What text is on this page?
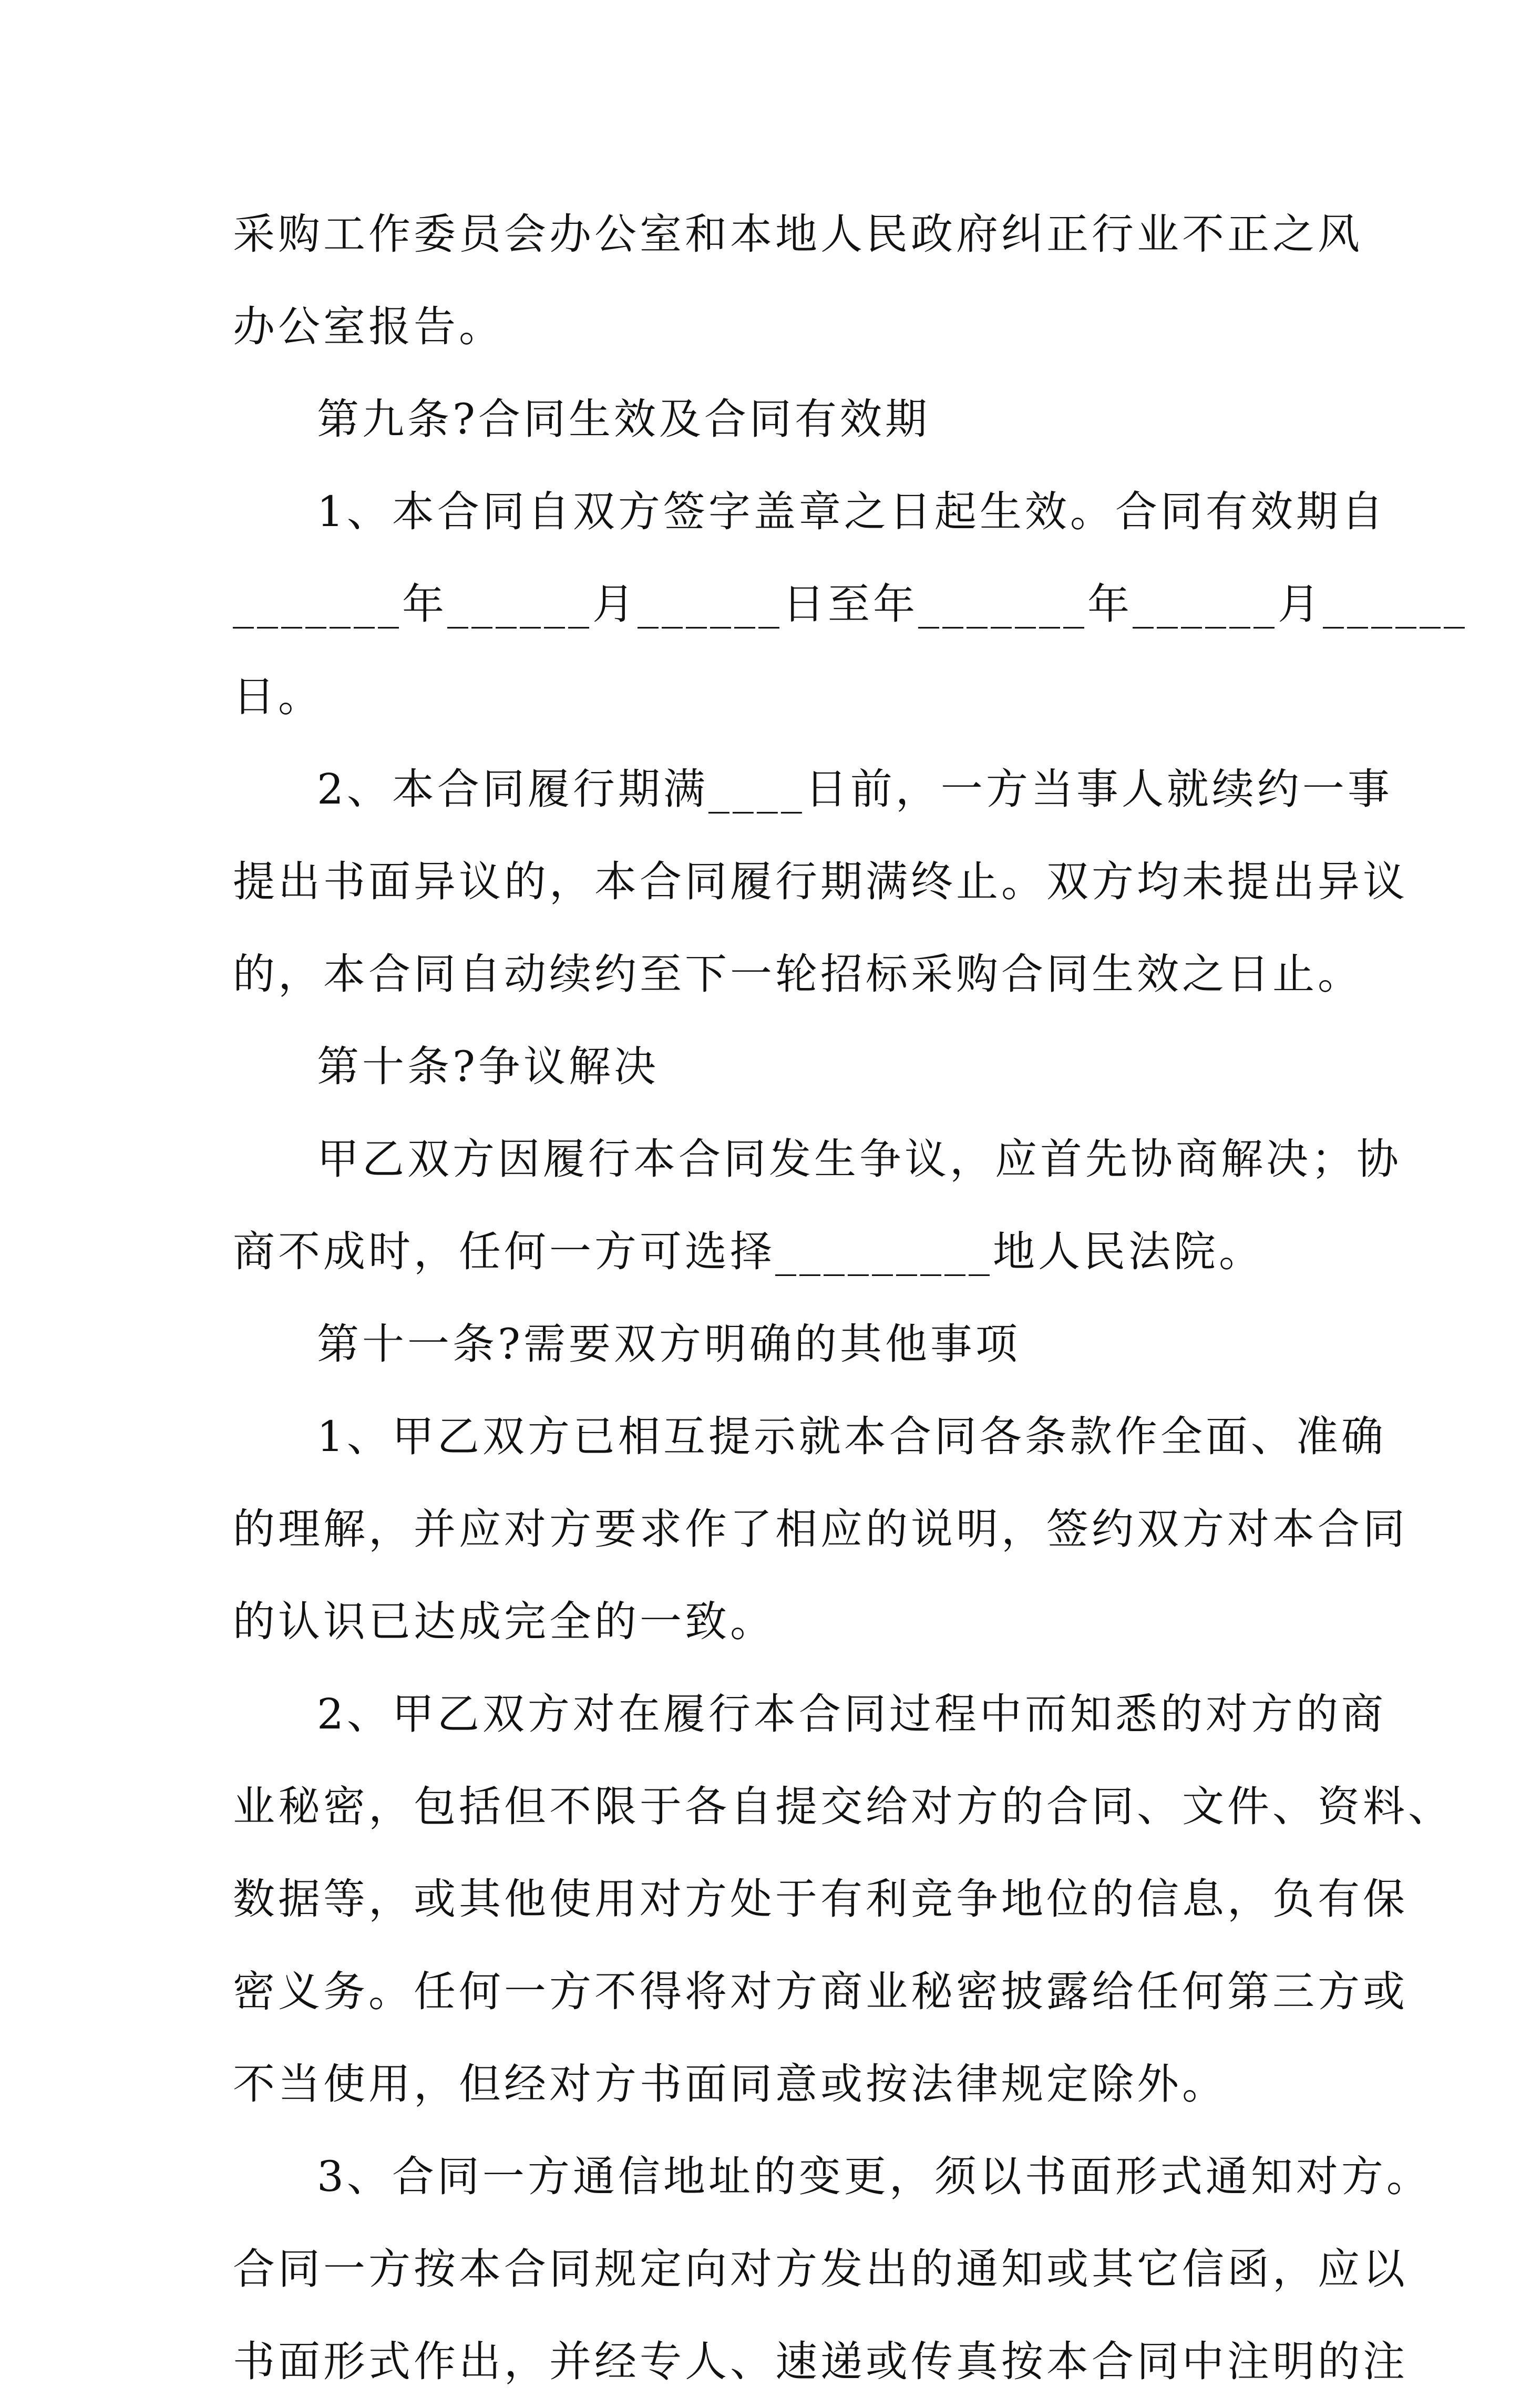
采购工作委员会办公室和本地人民政府纠正行业不正之风
办公室报告。
第九条?合同生效及合同有效期
1、本合同自双方签字盖章之日起生效。合同有效期自
_______年______月______日至年_______年______月______
日。
2、本合同履行期满____日前，一方当事人就续约一事
提出书面异议的，本合同履行期满终止。双方均未提出异议
的，本合同自动续约至下一轮招标采购合同生效之日止。
第十条?争议解决
甲乙双方因履行本合同发生争议，应首先协商解决；协
商不成时，任何一方可选择_________地人民法院。
第十一条?需要双方明确的其他事项
1、甲乙双方已相互提示就本合同各条款作全面、准确
的理解，并应对方要求作了相应的说明，签约双方对本合同
的认识已达成完全的一致。
2、甲乙双方对在履行本合同过程中而知悉的对方的商
业秘密，包括但不限于各自提交给对方的合同、文件、资料、
数据等，或其他使用对方处于有利竞争地位的信息，负有保
密义务。任何一方不得将对方商业秘密披露给任何第三方或
不当使用，但经对方书面同意或按法律规定除外。
3、合同一方通信地址的变更，须以书面形式通知对方。
合同一方按本合同规定向对方发出的通知或其它信函，应以
书面形式作出，并经专人、速递或传真按本合同中注明的注
